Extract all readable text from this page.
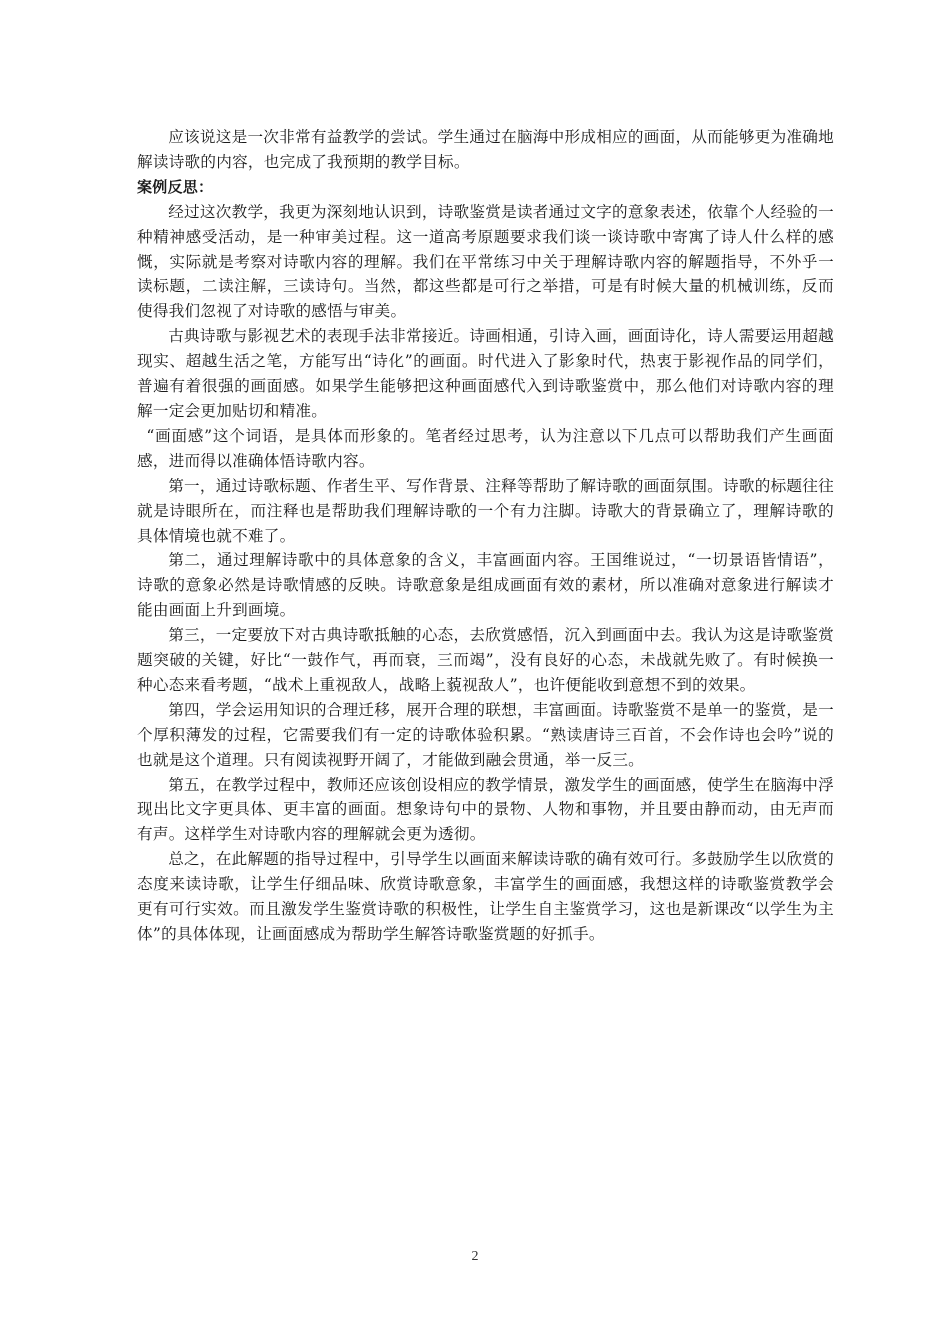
应该说这是一次非常有益教学的尝试。学生通过在脑海中形成相应的画面，从而能够更为准确地解读诗歌的内容，也完成了我预期的教学目标。

案例反思：

经过这次教学，我更为深刻地认识到，诗歌鉴赏是读者通过文字的意象表述，依靠个人经验的一种精神感受活动，是一种审美过程。这一道高考原题要求我们谈一谈诗歌中寄寓了诗人什么样的感慨，实际就是考察对诗歌内容的理解。我们在平常练习中关于理解诗歌内容的解题指导，不外乎一读标题，二读注解，三读诗句。当然，都这些都是可行之举措，可是有时候大量的机械训练，反而使得我们忽视了对诗歌的感悟与审美。

古典诗歌与影视艺术的表现手法非常接近。诗画相通，引诗入画，画面诗化，诗人需要运用超越现实、超越生活之笔，方能写出“诗化”的画面。时代进入了影象时代，热衷于影视作品的同学们，普遍有着很强的画面感。如果学生能够把这种画面感代入到诗歌鉴赏中，那么他们对诗歌内容的理解一定会更加贴切和精准。

“画面感”这个词语，是具体而形象的。笔者经过思考，认为注意以下几点可以帮助我们产生画面感，进而得以准确体悟诗歌内容。

第一，通过诗歌标题、作者生平、写作背景、注释等帮助了解诗歌的画面氛围。诗歌的标题往往就是诗眼所在，而注释也是帮助我们理解诗歌的一个有力注脚。诗歌大的背景确立了，理解诗歌的具体情境也就不难了。

第二，通过理解诗歌中的具体意象的含义，丰富画面内容。王国维说过，“一切景语皆情语”，诗歌的意象必然是诗歌情感的反映。诗歌意象是组成画面有效的素材，所以准确对意象进行解读才能由画面上升到画境。

第三，一定要放下对古典诗歌抵触的心态，去欣赏感悟，沉入到画面中去。我认为这是诗歌鉴赏题突破的关键，好比“一鼓作气，再而衰，三而竭”，没有良好的心态，未战就先败了。有时候换一种心态来看考题，“战术上重视敌人，战略上藐视敌人”，也许便能收到意想不到的效果。

第四，学会运用知识的合理迁移，展开合理的联想，丰富画面。诗歌鉴赏不是单一的鉴赏，是一个厚积薄发的过程，它需要我们有一定的诗歌体验积累。“熟读唐诗三百首，不会作诗也会吟”说的也就是这个道理。只有阅读视野开阔了，才能做到融会贯通，举一反三。

第五，在教学过程中，教师还应该创设相应的教学情景，激发学生的画面感，使学生在脑海中浮现出比文字更具体、更丰富的画面。想象诗句中的景物、人物和事物，并且要由静而动，由无声而有声。这样学生对诗歌内容的理解就会更为透彻。

总之，在此解题的指导过程中，引导学生以画面来解读诗歌的确有效可行。多鼓励学生以欣赏的态度来读诗歌，让学生仔细品味、欣赏诗歌意象，丰富学生的画面感，我想这样的诗歌鉴赏教学会更有可行实效。而且激发学生鉴赏诗歌的积极性，让学生自主鉴赏学习，这也是新课改“以学生为主体”的具体体现，让画面感成为帮助学生解答诗歌鉴赏题的好抓手。

2
